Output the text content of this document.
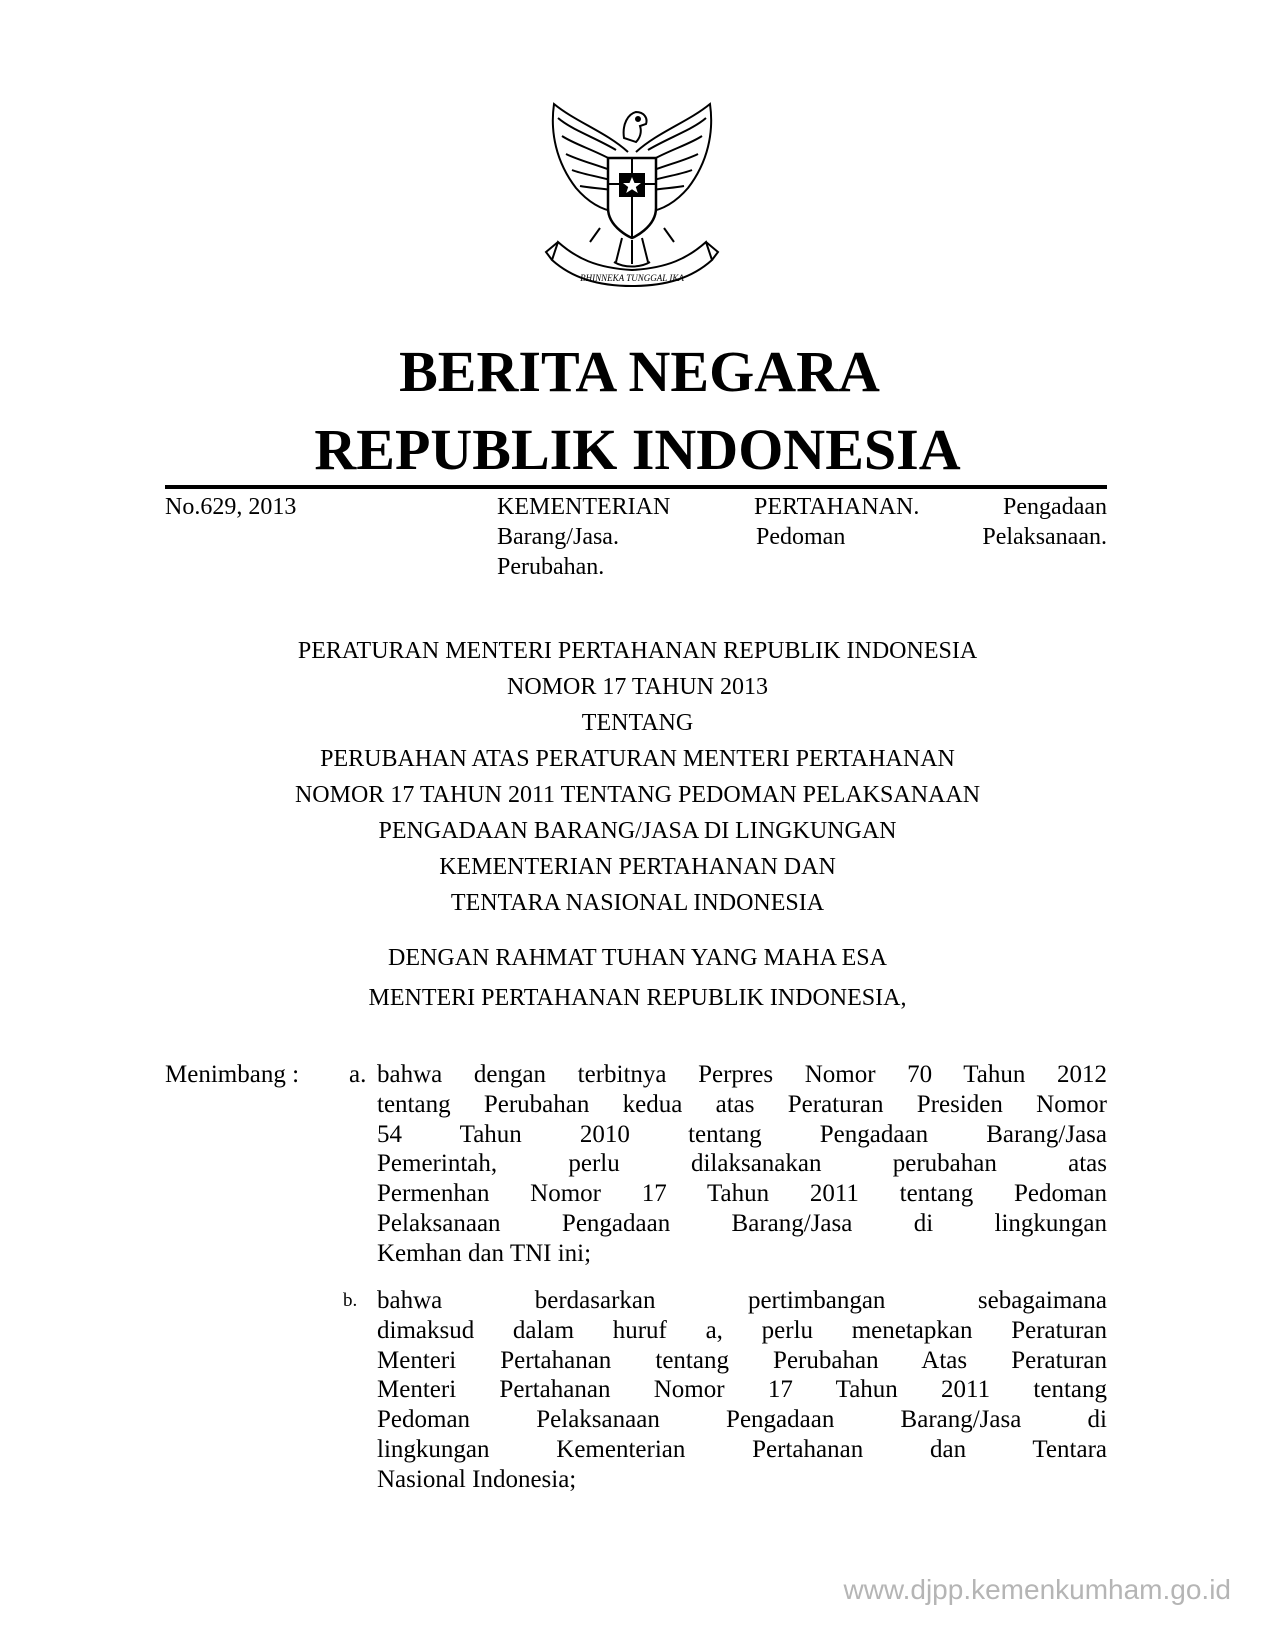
BHINNEKA TUNGGAL IKA
BERITA NEGARA
REPUBLIK INDONESIA
No.629, 2013	KEMENTERIAN PERTAHANAN. Pengadaan
Barang/Jasa. Pedoman Pelaksanaan.
Perubahan.
PERATURAN MENTERI PERTAHANAN REPUBLIK INDONESIA
NOMOR 17 TAHUN 2013
TENTANG
PERUBAHAN ATAS PERATURAN MENTERI PERTAHANAN
NOMOR 17 TAHUN 2011 TENTANG PEDOMAN PELAKSANAAN
PENGADAAN BARANG/JASA DI LINGKUNGAN
KEMENTERIAN PERTAHANAN DAN
TENTARA NASIONAL INDONESIA
DENGAN RAHMAT TUHAN YANG MAHA ESA
MENTERI PERTAHANAN REPUBLIK INDONESIA,
Menimbang : a. bahwa dengan terbitnya Perpres Nomor 70 Tahun 2012
tentang Perubahan kedua atas Peraturan Presiden Nomor
54 Tahun 2010 tentang Pengadaan Barang/Jasa
Pemerintah, perlu dilaksanakan perubahan atas
Permenhan Nomor 17 Tahun 2011 tentang Pedoman
Pelaksanaan Pengadaan Barang/Jasa di lingkungan
Kemhan dan TNI ini;
b. bahwa berdasarkan pertimbangan sebagaimana
dimaksud dalam huruf a, perlu menetapkan Peraturan
Menteri Pertahanan tentang Perubahan Atas Peraturan
Menteri Pertahanan Nomor 17 Tahun 2011 tentang
Pedoman Pelaksanaan Pengadaan Barang/Jasa di
lingkungan Kementerian Pertahanan dan Tentara
Nasional Indonesia;
www.djpp.kemenkumham.go.id
